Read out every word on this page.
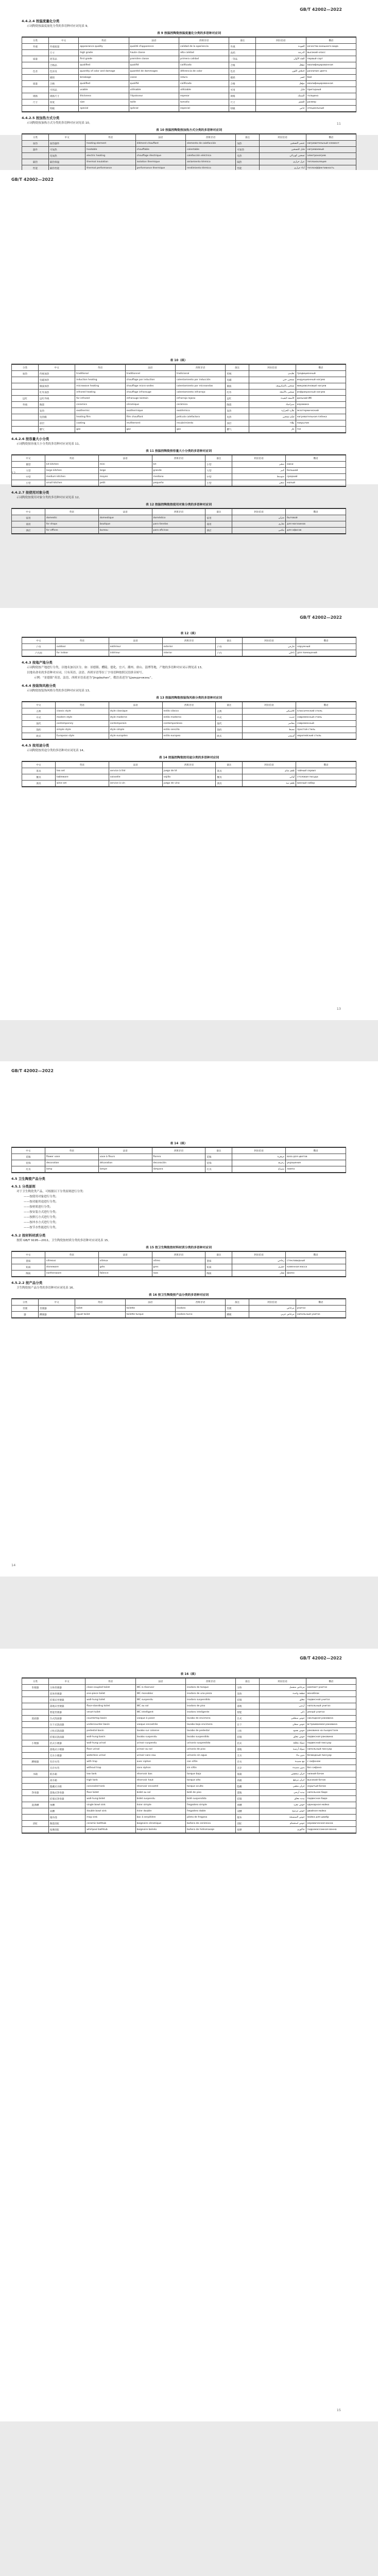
GB/T 42002—2022
4.4.2.4 按温度量化分类
示词陶瓷按温度量化分类的多语种对应词见表 9。
表 9 按温控陶瓷按温度量化分类的多语种对应词
分类	中文	英语	法语	西班牙语	备注	阿拉伯语	俄语
外观	外观质量	appearance quality	qualité d'apparence	calidad de la apariencia	外观	الجودة	качество внешнего вида
	尺寸	high grade	haute classe	alta calidad	高档	الدرجة	высокий класс
质量	优等品	first grade	première classe	primera calidad	一等品	الفئة الأولى	первый сорт
	合格品	qualified	qualifié	calificado	合格	مؤهل	квалифицированная
色差	色泽及	quantity of color and damage	quantité de dommages	diferencia de color	色差	اختلاف اللون	различие цвета
	破损	breakage	casse	rotura	破损	كسر	бой
质量	合格	qualified	qualifié	calificado	合格	مؤهل	квалифицированная
	可用品	usable	utilisable	utilizable	可用	قابل	пригодный
规格	规格尺寸	thickness	l'épaisseur	espesor	规格	السمك	толщина
尺寸	厚度	size	taille	tamaño	尺寸	الحجم	размер
	特级	special	spécial	especial	特级	خاص	специальный
4.4.2.5 按加热方式分类
示词陶瓷按加热方式分类的多语种对应词见表 10。
表 10 按温控陶瓷按加热方式分类的多语种对应词
分类	中文	英语	法语	西班牙语	备注	阿拉伯语	俄语
加热	加热器件	heating element	élément chauffant	elemento de calefacción	加热	عنصر التسخين	нагревательный элемент
器件	可加热	heatable	chauffable	calentable	可加热	قابل للتسخين	нагреваемый
	电加热	electric heating	chauffage électrique	calefacción eléctrica	电热	تسخين كهربائي	электронагрев
隔热	隔热保温	thermal insulation	isolation thermique	aislamiento térmico	隔热	عزل حراري	теплоизоляция
性能	隔热性能	thermal performance	performance thermique	rendimiento térmico	性能	أداء حراري	теплоэффективность
11
GB/T 42002—2022
表 10（续）
分类	中文	英语	法语	西班牙语	备注	阿拉伯语	俄语
加热	传统加热	traditional	traditionnel	tradicional	传统	تقليدي	традиционный
	电磁加热	induction heating	chauffage par induction	calentamiento por inducción	电磁	تسخين حثي	индукционный нагрев
	微波加热	microwave heating	chauffage micro-ondes	calentamiento por microondas	微波	تسخين بالميكرويف	микроволновый нагрев
	红外加热	infrared heating	chauffage infrarouge	calentamiento infrarrojo	红外	تسخين بالأشعة	инфракрасный нагрев
远红	远红外线	far infrared	infrarouge lointain	infrarrojo lejano	远红	الأشعة البعيدة	дальний ИК
外线	陶瓷	ceramics	céramique	cerámica	陶瓷	سيراميك	керамика
	发热	exothermic	exothermique	exotérmico	发热	طارد للحرارة	экзотермический
	电热膜	heating film	film chauffant	película calefactora	电热	فيلم تسخين	нагревательная плёнка
	涂层	coating	revêtement	recubrimiento	涂层	طلاء	покрытие
	燃气	gas	gaz	gas	燃气	غاز	газ
4.4.2.6 按容量大小分类
示词陶瓷按容量大小分类的多语种对应词见表 11。
表 11 按温控陶瓷按容量大小分类的多语种对应词
中文	英语	法语	西班牙语	备注	阿拉伯语	俄语
微型	kit kitchen	mini	kit	小型	صغير	мини
大型	large kitchen	large	grande	大型	كبير	большой
中型	medium kitchen	moyen	mediano	中型	متوسط	средний
小型	small kitchen	petit	pequeño	小型	صغير	малый
4.4.2.7 按使用对象分类
示词陶瓷按使用对象分类的多语种对应词见表 12。
表 12 按温控陶瓷按使用对象分类的多语种对应词
中文	英语	法语	西班牙语	备注	阿拉伯语	俄语
家用	domestic	domestique	doméstico	家用	منزلي	бытовой
商用	for shops	boutique	para tiendas	商用	تجاري	для магазинов
酒店	for offices	bureau	para oficinas	酒店	مكتبي	для офисов
12
GB/T 42002—2022
表 12（续）
中文	英语	法语	西班牙语	备注	阿拉伯语	俄语
户外	outdoor	extérieur	exterior	户外	خارجي	наружный
户内用	for indoor	intérieur	interior	户内	داخلي	для помещений
4.4.3 按地产地分类
示词陶瓷按产地进行分类，以地名加以区分。如：景德镇、醴陵、德化、宜兴、潮州、唐山、淄博等地，产地的多语种对应词示例见表 13。
以地名命名的多语种对应词，只有英语、法语、西班牙语等拉丁字母语种按照汉语拼音转写。
示例：“景德镇”英语、法语、西班牙语表述为“Jingdezhen”，俄语表述为“Цзиндэчжэнь”。
4.4.4 按装饰风格分类
示词陶瓷按装饰风格分类的多语种对应词见表 13。
表 13 按温控陶瓷按装饰风格分类的多语种对应词
中文	英语	法语	西班牙语	备注	阿拉伯语	俄语
古典	classic style	style classique	estilo clásico	古典	كلاسيكي	классический стиль
中式	modern style	style moderne	estilo moderno	中式	حديث	современный стиль
现代	contemporary	contemporain	contemporáneo	现代	معاصر	современный
简约	simple style	style simple	estilo sencillo	简约	بسيط	простой стиль
欧式	European style	style européen	estilo europeo	欧式	أوروبي	европейский стиль
4.4.5 按用途分类
示词陶瓷按用途分类的多语种对应词见表 14。
表 14 按温控陶瓷按用途分类的多语种对应词
中文	英语	法语	西班牙语	备注	阿拉伯语	俄语
茶具	tea set	service à thé	juego de té	茶具	طقم شاي	чайный сервиз
餐具	tableware	vaisselle	vajilla	餐具	أواني	столовая посуда
酒具	wine set	service à vin	juego de vino	酒具	طقم نبيذ	винный набор
13
GB/T 42002—2022
表 14（续）
中文	英语	法语	西班牙语	备注	阿拉伯语	俄语
花瓶	flower vase	vase à fleurs	florero	花瓶	مزهرية	ваза для цветов
装饰	decoration	décoration	decoración	装饰	زخرفة	украшение
灯具	lamp	lampe	lámpara	灯具	مصباح	лампа
4.5 卫生陶瓷产品分类
4.5.1 分类原则
对于卫生陶瓷类产品，可根据以下分类原则进行分类：
——按使用对象进行分类；
——按功能用途进行分类；
——按材质进行分类；
——按安装方式进行分类；
——按排污方式进行分类；
——按冲水方式进行分类；
——按节水性能进行分类。
4.5.2 按材料材质分类
按照 GB/T 9195—2011，卫生陶瓷按材质分类的多语种对应词见表 15。
表 15 按卫生陶瓷按材料材质分类的多语种对应词
中文	英语	法语	西班牙语	备注	阿拉伯语	俄语
瓷质	vitreous	vitreux	vítreo	瓷质	زجاجي	стекловидный
炻质	stoneware	grès	gres	炻质	حجري	каменная масса
陶质	earthenware	faïence	loza	陶质	فخار	фаянс
4.5.2.2 按产品分类
卫生陶瓷按产品分类的多语种对应词见表 16。
表 16 按卫生陶瓷按产品分类的多语种对应词
分类	中文	英语	法语	西班牙语	备注	阿拉伯语	俄语
坐便	坐便器	toilet	toilette	inodoro	坐便	مرحاض	унитаз
器	蹲便器	squat toilet	toilette turque	inodoro turco	蹲便	مرحاض عربي	напольный унитаз
14
GB/T 42002—2022
表 16（续）
分类	中文	英语	法语	西班牙语	备注	阿拉伯语	俄语
坐便器	分体坐便器	close-coupled toilet	WC à réservoir	inodoro de tanque	分体	مرحاض منفصل	компакт-унитаз
	连体坐便器	one-piece toilet	WC monobloc	inodoro de una pieza	连体	قطعة واحدة	моноблок
	挂墙式坐便器	wall-hung toilet	WC suspendu	inodoro suspendido	挂墙	معلق	подвесной унитаз
	落地式坐便器	floor-standing toilet	WC au sol	inodoro de piso	落地	أرضي	напольный унитаз
	智能坐便器	smart toilet	WC intelligent	inodoro inteligente	智能	ذكي	умный унитаз
洗面器	台式洗面器	countertop basin	vasque à poser	lavabo de encimera	台式	حوض سطحي	накладная раковина
	台下式洗面器	undercounter basin	vasque encastrée	lavabo bajo encimera	台下	حوض سفلي	встраиваемая раковина
	立柱式洗面器	pedestal basin	lavabo sur colonne	lavabo de pedestal	立柱	حوض بعمود	раковина на пьедестале
	挂墙式洗面器	wall-hung basin	lavabo suspendu	lavabo suspendido	挂墙	حوض معلق	подвесная раковина
小便器	挂式小便器	wall-hung urinal	urinoir suspendu	urinario suspendido	挂式	مبولة معلقة	подвесной писсуар
	落地式小便器	floor urinal	urinoir au sol	urinario de piso	落地	مبولة أرضية	напольный писсуар
	无水小便器	waterless urinal	urinoir sans eau	urinario sin agua	无水	بدون ماء	безводный писсуар
蹲便器	有存水弯	with trap	avec siphon	con sifón	存水	مع مصيدة	с сифоном
	无存水弯	without trap	sans siphon	sin sifón	无存	بدون مصيدة	без сифона
水箱	低水箱	low tank	réservoir bas	tanque bajo	低箱	خزان منخفض	низкий бачок
	高水箱	high tank	réservoir haut	tanque alto	高箱	خزان مرتفع	высокий бачок
	隐藏式水箱	concealed tank	réservoir encastré	tanque oculto	隐藏	خزان مخفي	скрытый бачок
净身器	落地式净身器	floor bidet	bidet au sol	bidé de piso	落地	بيديه أرضي	напольное биде
	挂墙式净身器	wall-hung bidet	bidet suspendu	bidé suspendido	挂墙	بيديه معلق	подвесное биде
洗涤槽	单槽	single bowl sink	évier simple	fregadero simple	单槽	حوض مفرد	одинарная мойка
	双槽	double bowl sink	évier double	fregadero doble	双槽	حوض مزدوج	двойная мойка
	拖布池	mop sink	bac à serpillière	pileta de fregona	拖布	حوض الممسحة	мойка для швабр
浴缸	陶瓷浴缸	ceramic bathtub	baignoire céramique	bañera de cerámica	浴缸	حوض استحمام	керамическая ванна
	按摩浴缸	whirlpool bathtub	baignoire balnéo	bañera de hidromasaje	按摩	جاكوزي	гидромассажная ванна
15
